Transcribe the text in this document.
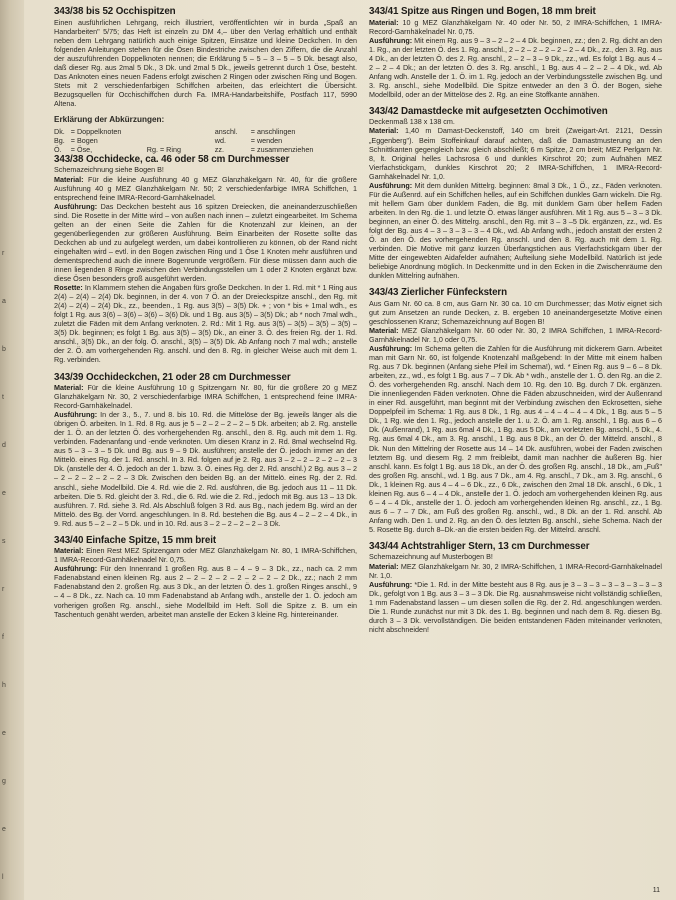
r
a
b
t
d
e
s
r
f
h
e
g
e
l
343/38 bis 52 Occhispitzen

Einen ausführlichen Lehrgang, reich illustriert, veröffentlichten wir in burda „Spaß an Handarbeiten" 5/75; das Heft ist einzeln zu DM 4,– über den Verlag erhältlich und enthält neben dem Lehrgang natürlich auch einige Spitzen, Einsätze und kleine Deckchen. In den folgenden Anleitungen stehen für die Ösen Bindestriche zwischen den Ziffern, die die Anzahl der auszuführenden Doppelknoten nennen; die Erklärung 5 – 5 – 3 – 5 – 5 Dk. besagt also, daß dieser Rg. aus 2mal 5 Dk., 3 Dk. und 2mal 5 Dk., jeweils getrennt durch 1 Öse, besteht. Das Anknoten eines neuen Fadens erfolgt zwischen 2 Ringen oder zwischen Ring und Bogen. Stets mit 2 verschiedenfarbigen Schiffchen arbeiten, das erleichtert die Übersicht. Bezugsquellen für Occhischiffchen durch Fa. IMRA-Handarbeitshilfe, Postfach 117, 5990 Altena.

Erklärung der Abkürzungen:
Dk.	= Doppelknoten		anschl.	= anschlingen
Bg.	= Bogen		wd.	= wenden
Ö.	= Öse,	Rg. = Ring	zz.	= zusammenziehen
343/38 Occhidecke, ca. 46 oder 58 cm Durchmesser

Schemazeichnung siehe Bogen B!

Material: Für die kleine Ausführung 40 g MEZ Glanzhäkelgarn Nr. 40, für die größere Ausführung 40 g MEZ Glanzhäkelgarn Nr. 50; 2 verschiedenfarbige IMRA Schiffchen, 1 entsprechend feine IMRA-Record-Garnhäkelnadel.

Ausführung: Das Deckchen besteht aus 16 spitzen Dreiecken, die aneinanderzuschließen sind. Die Rosette in der Mitte wird – von außen nach innen – zuletzt eingearbeitet. Im Schema gelten an der einen Seite die Zahlen für die Knotenzahl zur kleinen, an der gegenüberliegenden zur größeren Ausführung. Beim Einarbeiten der Rosette sollte das Deckchen ab und zu aufgelegt werden, um dabei kontrollieren zu können, ob der Rand nicht eingehalten wird – evtl. in den Bogen zwischen Ring und 1 Öse 1 Knoten mehr ausführen und dementsprechend auch die innere Bogenrunde vergrößern. Für diese müssen dann auch die innen liegenden 8 Ringe zwischen den Verbindungsstellen um 1 oder 2 Knoten ergänzt bzw. diese Ösen besonders groß ausgeführt werden.

Rosette: In Klammern stehen die Angaben fürs große Deckchen. In der 1. Rd. mit * 1 Ring aus 2(4) – 2(4) – 2(4) Dk. beginnen, in der 4. von 7 Ö. an der Dreieckspitze anschl., den Rg. mit 2(4) – 2(4) – 2(4) Dk., zz., beenden., 1 Rg. aus 3(5) – 3(5) Dk. + ; von * bis + 1mal wdh., es folgt 1 Rg. aus 3(6) – 3(6) – 3(6) – 3(6) Dk. und 1 Bg. aus 3(5) – 3(5) Dk.; ab * noch 7mal wdh., zuletzt die Fäden mit dem Anfang verknoten. 2. Rd.: Mit 1 Rg. aus 3(5) – 3(5) – 3(5) – 3(5) – 3(5) Dk. beginnen; es folgt 1 Bg. aus 3(5) – 3(5) Dk., an einer 3. Ö. des freien Rg. der 1. Rd. anschl., 3(5) Dk., an der folg. Ö. anschl., 3(5) – 3(5) Dk. Ab Anfang noch 7 mal wdh.; anstelle der 2. Ö. am vorhergehenden Rg. anschl. und den 8. Rg. in gleicher Weise auch mit dem 1. Rg. verbinden.

343/39 Occhideckchen, 21 oder 28 cm Durchmesser

Material: Für die kleine Ausführung 10 g Spitzengarn Nr. 80, für die größere 20 g MEZ Glanzhäkelgarn Nr. 30, 2 verschiedenfarbige IMRA Schiffchen, 1 entsprechend feine IMRA-Record-Garnhäkelnadel.

Ausführung: In der 3., 5., 7. und 8. bis 10. Rd. die Mittelöse der Bg. jeweils länger als die übrigen Ö. arbeiten. In 1. Rd. 8 Rg. aus je 5 – 2 – 2 – 2 – 2 – 5 Dk. arbeiten; ab 2. Rg. anstelle der 1. Ö. an der letzten Ö. des vorhergehenden Rg. anschl., den 8. Rg. auch mit dem 1. Rg. verbinden. Fadenanfang und -ende verknoten. Um diesen Kranz in 2. Rd. 8mal wechselnd Rg. aus 5 – 3 – 3 – 5 Dk. und Bg. aus 9 – 9 Dk. ausführen; anstelle der Ö. jedoch immer an der Mittelö. eines Rg. der 1. Rd. anschl. In 3. Rd. folgen auf je 2. Rg. aus 3 – 2 – 2 – 2 – 2 – 2 – 3 Dk. (anstelle der 4. Ö. jedoch an der 1. bzw. 3. Ö. eines Rg. der 2. Rd. anschl.) 2 Bg. aus 3 – 2 – 2 – 2 – 2 – 2 – 2 – 3 Dk. Zwischen den beiden Bg. an der Mittelö. eines Rg. der 2. Rd. anschl., siehe Modellbild. Die 4. Rd. wie die 2. Rd. ausführen, die Bg. jedoch aus 11 – 11 Dk. arbeiten. Die 5. Rd. gleicht der 3. Rd., die 6. Rd. wie die 2. Rd., jedoch mit Bg. aus 13 – 13 Dk. ausführen. 7. Rd. siehe 3. Rd. Als Abschluß folgen 3 Rd. aus Bg., nach jedem Bg. wird an der Mittelö. des Bg. der Vorrd. angeschlungen. In 8. Rd. bestehen die Bg. aus 4 – 2 – 2 – 4 Dk., in 9. Rd. aus 5 – 2 – 2 – 5 Dk. und in 10. Rd. aus 3 – 2 – 2 – 2 – 2 – 3 Dk.

343/40 Einfache Spitze, 15 mm breit

Material: Einen Rest MEZ Spitzengarn oder MEZ Glanzhäkelgarn Nr. 80, 1 IMRA-Schiffchen, 1 IMRA-Record-Garnhäkelnadel Nr. 0,75.

Ausführung: Für den Innenrand 1 großen Rg. aus 8 – 4 – 9 – 3 Dk., zz., nach ca. 2 mm Fadenabstand einen kleinen Rg. aus 2 – 2 – 2 – 2 – 2 – 2 – 2 – 2 Dk., zz.; nach 2 mm Fadenabstand den 2. großen Rg. aus 3 Dk., an der letzten Ö. des 1. großen Ringes anschl., 9 – 4 – 8 Dk., zz. Nach ca. 10 mm Fadenabstand ab Anfang wdh., anstelle der 1. Ö. jedoch am vorherigen großen Rg. anschl., siehe Modellbild im Heft. Soll die Spitze z. B. um ein Taschentuch genäht werden, arbeitet man anstelle der Ecken 3 kleine Rg. hintereinander.

343/41 Spitze aus Ringen und Bogen, 18 mm breit

Material: 10 g MEZ Glanzhäkelgarn Nr. 40 oder Nr. 50, 2 IMRA-Schiffchen, 1 IMRA-Record-Garnhäkelnadel Nr. 0,75.

Ausführung: Mit einem Rg. aus 9 – 3 – 2 – 2 – 4 Dk. beginnen, zz.; den 2. Rg. dicht an den 1. Rg., an der letzten Ö. des 1. Rg. anschl., 2 – 2 – 2 – 2 – 2 – 2 – 4 Dk., zz., den 3. Rg. aus 4 Dk., an der letzten Ö. des 2. Rg. anschl., 2 – 2 – 3 – 9 Dk., zz., wd. Es folgt 1 Bg. aus 4 – 2 – 2 – 4 Dk.; an der letzten Ö. des 3. Rg. anschl., 1 Bg. aus 4 – 2 – 2 – 4 Dk., wd. Ab Anfang wdh. Anstelle der 1. Ö. im 1. Rg. jedoch an der Verbindungsstelle zwischen Bg. und 3. Rg. anschl., siehe Modellbild. Die Spitze entweder an den 3 Ö. der Bogen, siehe Modellbild, oder an der Mittelöse des 2. Rg. an eine Stoffkante annähen.

343/42 Damastdecke mit aufgesetzten Occhimotiven

Deckenmaß 138 x 138 cm.

Material: 1,40 m Damast-Deckenstoff, 140 cm breit (Zweigart-Art. 2121, Dessin „Eggenberg"). Beim Stoffeinkauf darauf achten, daß die Damastmusterung an den Schnittkanten gegengleich bzw. gleich abschließt; 6 m Spitze, 2 cm breit; MEZ Perlgarn Nr. 8, lt. Original helles Lachsrosa 6 und dunkles Kirschrot 20; zum Aufnähen MEZ Vierfachstickgarn, dunkles Kirschrot 20; 2 IMRA-Schiffchen, 1 IMRA-Record-Garnhäkelnadel Nr. 1,0.

Ausführung: Mit dem dunklen Mittelrg. beginnen: 8mal 3 Dk., 1 Ö., zz., Fäden verknoten. Für die Außenrd. auf ein Schiffchen helles, auf ein Schiffchen dunkles Garn wickeln. Die Rg. mit hellem Garn über dunklem Faden, die Bg. mit dunklem Garn über hellem Faden arbeiten. In den Rg. die 1. und letzte Ö. etwas länger ausführen. Mit 1 Rg. aus 5 – 3 – 3 Dk. beginnen, an einer Ö. des Mittelrg. anschl., den Rg. mit 3 – 3 –5 Dk. ergänzen, zz., wd. Es folgt der Bg. aus 4 – 3 – 3 – 3 – 3 – 4 Dk., wd. Ab Anfang wdh., jedoch anstatt der ersten 2 Ö. an den Ö. des vorhergehenden Rg. anschl. und den 8. Rg. auch mit dem 1. Rg. verbinden. Die Motive mit ganz kurzen Überfangstichen aus Vierfachstickgarn über der Mitte der eingewebten Aidafelder aufnähen; Aufteilung siehe Modellbild. Natürlich ist jede beliebige Anordnung möglich. In Deckenmitte und in den Ecken in die Zwischenräume den dunklen Mittelring aufnähen.

343/43 Zierlicher Fünfeckstern

Aus Garn Nr. 60 ca. 8 cm, aus Garn Nr. 30 ca. 10 cm Durchmesser; das Motiv eignet sich gut zum Ansetzen an runde Decken, z. B. ergeben 10 aneinandergesetzte Motive einen geschlossenen Kranz; Schemazeichnung auf Bogen B!

Material: MEZ Glanzhäkelgarn Nr. 60 oder Nr. 30, 2 IMRA Schiffchen, 1 IMRA-Record-Garnhäkelnadel Nr. 1,0 oder 0,75.

Ausführung: Im Schema gelten die Zahlen für die Ausführung mit dickerem Garn. Arbeitet man mit Garn Nr. 60, ist folgende Knotenzahl maßgebend: In der Mitte mit einem halben Rg. aus 7 Dk. beginnen (Anfang siehe Pfeil im Schema!), wd. * Einen Rg. aus 9 – 6 – 8 Dk. arbeiten, zz., wd., es folgt 1 Bg. aus 7 – 7 Dk. Ab * wdh., anstelle der 1. Ö. den Rg. an die 2. Ö. des vorhergehenden Rg. anschl. Nach dem 10. Rg. den 10. Bg. durch 7 Dk. ergänzen. Die innenliegenden Fäden verknoten. Ohne die Fäden abzuschneiden, wird der Außenrand in einer Rd. ausgeführt, man beginnt mit der Verbindung zwischen den Eckrosetten, siehe Doppelpfeil im Schema: 1 Rg. aus 8 Dk., 1 Rg. aus 4 – 4 – 4 – 4 – 4 Dk., 1 Bg. aus 5 – 5 Dk., 1 Rg. wie den 1. Rg., jedoch anstelle der 1. u. 2. Ö. am 1. Rg. anschl., 1 Bg. aus 6 – 6 Dk. (Außenrand), 1 Rg. aus 6mal 4 Dk., 1 Bg. aus 5 Dk., am vorletzten Bg. anschl., 5 Dk., 4. Rg. aus 6mal 4 Dk., am 3. Rg. anschl., 1 Bg. aus 8 Dk., an der Ö. der Mittelrd. anschl., 8 Dk. Nun den Mittelring der Rosette aus 14 – 14 Dk. ausführen, wobei der Faden zwischen letztem Bg. und diesem Rg. 2 mm freibleibt, damit man nachher die äußeren Bg. hier anschl. kann. Es folgt 1 Bg. aus 18 Dk., an der Ö. des großen Rg. anschl., 18 Dk., am „Fuß" des großen Rg. anschl., wd. 1 Bg. aus 7 Dk., am 4. Rg. anschl., 7 Dk., am 3. Rg. anschl., 6 Dk., 1 kleinen Rg. aus 4 – 4 – 6 Dk., zz., 6 Dk., zwischen den 2mal 18 Dk. anschl., 6 Dk., 1 kleinen Rg. aus 6 – 4 – 4 Dk., anstelle der 1. Ö. jedoch am vorhergehenden kleinen Rg. aus 6 – 4 – 4 Dk., anstelle der 1. Ö. jedoch am vorhergehenden kleinen Rg. anschl., zz., 1 Bg. aus 6 – 7 – 7 Dk., am Fuß des großen Rg. anschl., wd., 8 Dk. an der 1. Rd. anschl. Ab Anfang wdh. Den 1. und 2. Rg. an den Ö. des letzten Bg. anschl., siehe Schema. Nach der 5. Rosette Bg. durch 8–Dk.-an die ersten beiden Rg. der Mittelrd. anschl.

343/44 Achtstrahliger Stern, 13 cm Durchmesser

Schemazeichnung auf Musterbogen B!

Material: MEZ Glanzhäkelgarn Nr. 30, 2 IMRA-Schiffchen, 1 IMRA-Record-Garnhäkelnadel Nr. 1,0.

Ausführung: *Die 1. Rd. in der Mitte besteht aus 8 Rg. aus je 3 – 3 – 3 – 3 – 3 – 3 – 3 – 3 Dk., gefolgt von 1 Bg. aus 3 – 3 – 3 Dk. Die Rg. ausnahmsweise nicht vollständig schließen, 1 mm Fadenabstand lassen – um diesen sollen die Rg. der 2. Rd. angeschlungen werden. Die 1. Runde zunächst nur mit 3 Dk. des 1. Bg. beginnen und nach dem 8. Rg. diesen Bg. durch 3 – 3 Dk. vervollständigen. Die beiden entstandenen Fäden miteinander verknoten, nicht abschneiden!

11
